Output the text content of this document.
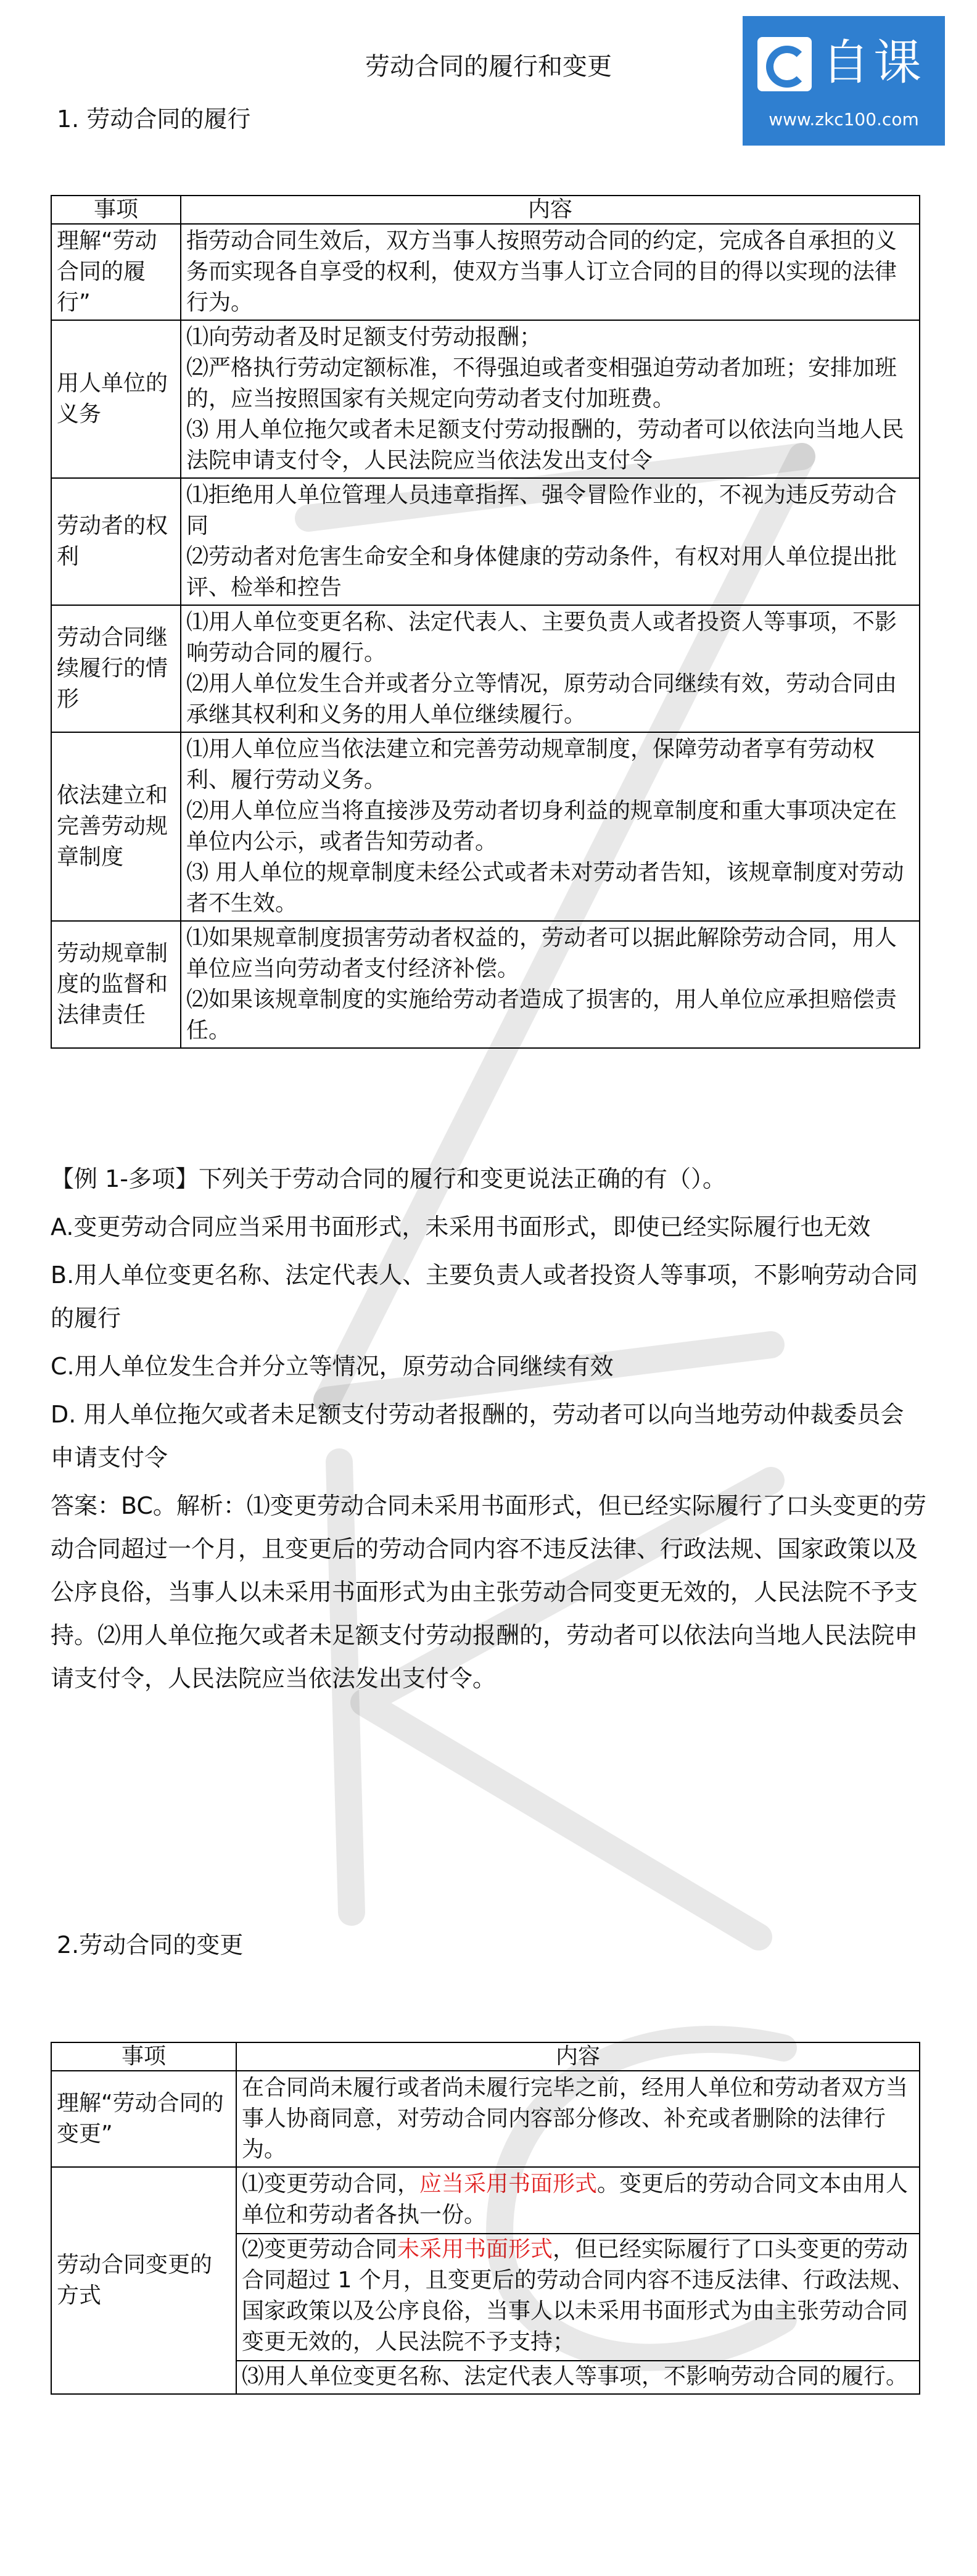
劳动合同的履行和变更	自课
www.zkc100.com
1. 劳动合同的履行
事项	内容
理解“劳动合同的履行”	指劳动合同生效后，双方当事人按照劳动合同的约定，完成各自承担的义务而实现各自享受的权利，使双方当事人订立合同的目的得以实现的法律行为。

用人单位的义务	⑴向劳动者及时足额支付劳动报酬；

⑵严格执行劳动定额标准，不得强迫或者变相强迫劳动者加班；安排加班的，应当按照国家有关规定向劳动者支付加班费。

⑶ 用人单位拖欠或者未足额支付劳动报酬的，劳动者可以依法向当地人民法院申请支付令，人民法院应当依法发出支付令

劳动者的权利	⑴拒绝用人单位管理人员违章指挥、强令冒险作业的，不视为违反劳动合同

⑵劳动者对危害生命安全和身体健康的劳动条件，有权对用人单位提出批评、检举和控告

劳动合同继续履行的情形	⑴用人单位变更名称、法定代表人、主要负责人或者投资人等事项，不影响劳动合同的履行。

⑵用人单位发生合并或者分立等情况，原劳动合同继续有效，劳动合同由承继其权利和义务的用人单位继续履行。

依法建立和完善劳动规章制度	⑴用人单位应当依法建立和完善劳动规章制度，保障劳动者享有劳动权利、履行劳动义务。

⑵用人单位应当将直接涉及劳动者切身利益的规章制度和重大事项决定在单位内公示，或者告知劳动者。

⑶ 用人单位的规章制度未经公式或者未对劳动者告知，该规章制度对劳动者不生效。

劳动规章制度的监督和法律责任	⑴如果规章制度损害劳动者权益的，劳动者可以据此解除劳动合同，用人单位应当向劳动者支付经济补偿。

⑵如果该规章制度的实施给劳动者造成了损害的，用人单位应承担赔偿责任。

【例 1-多项】下列关于劳动合同的履行和变更说法正确的有（）。

A.变更劳动合同应当采用书面形式，未采用书面形式，即使已经实际履行也无效

B.用人单位变更名称、法定代表人、主要负责人或者投资人等事项，不影响劳动合同的履行

C.用人单位发生合并分立等情况，原劳动合同继续有效

D. 用人单位拖欠或者未足额支付劳动者报酬的，劳动者可以向当地劳动仲裁委员会申请支付令

答案：BC。解析：⑴变更劳动合同未采用书面形式，但已经实际履行了口头变更的劳动合同超过一个月，且变更后的劳动合同内容不违反法律、行政法规、国家政策以及公序良俗，当事人以未采用书面形式为由主张劳动合同变更无效的，人民法院不予支持。⑵用人单位拖欠或者未足额支付劳动报酬的，劳动者可以依法向当地人民法院申请支付令，人民法院应当依法发出支付令。

2.劳动合同的变更
事项	内容
理解“劳动合同的变更”	在合同尚未履行或者尚未履行完毕之前，经用人单位和劳动者双方当事人协商同意，对劳动合同内容部分修改、补充或者删除的法律行为。
劳动合同变更的方式	⑴变更劳动合同，应当采用书面形式。变更后的劳动合同文本由用人单位和劳动者各执一份。

⑵变更劳动合同未采用书面形式，但已经实际履行了口头变更的劳动合同超过 1 个月，且变更后的劳动合同内容不违反法律、行政法规、国家政策以及公序良俗，当事人以未采用书面形式为由主张劳动合同变更无效的，人民法院不予支持；

⑶用人单位变更名称、法定代表人等事项，不影响劳动合同的履行。
